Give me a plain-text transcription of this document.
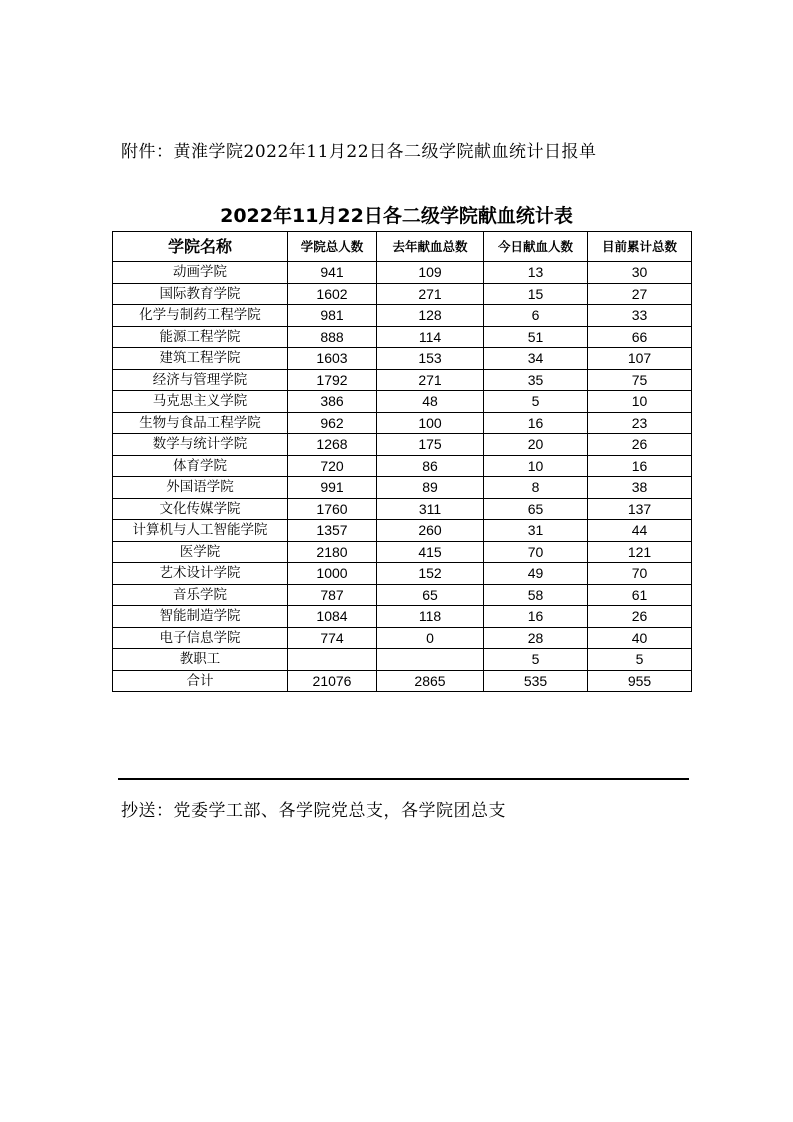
附件：黄淮学院2022年11月22日各二级学院献血统计日报单
2022年11月22日各二级学院献血统计表
学院名称	学院总人数	去年献血总数	今日献血人数	目前累计总数
动画学院	941	109	13	30
国际教育学院	1602	271	15	27
化学与制药工程学院	981	128	6	33
能源工程学院	888	114	51	66
建筑工程学院	1603	153	34	107
经济与管理学院	1792	271	35	75
马克思主义学院	386	48	5	10
生物与食品工程学院	962	100	16	23
数学与统计学院	1268	175	20	26
体育学院	720	86	10	16
外国语学院	991	89	8	38
文化传媒学院	1760	311	65	137
计算机与人工智能学院	1357	260	31	44
医学院	2180	415	70	121
艺术设计学院	1000	152	49	70
音乐学院	787	65	58	61
智能制造学院	1084	118	16	26
电子信息学院	774	0	28	40
教职工			5	5
合计	21076	2865	535	955
抄送：党委学工部、各学院党总支，各学院团总支
